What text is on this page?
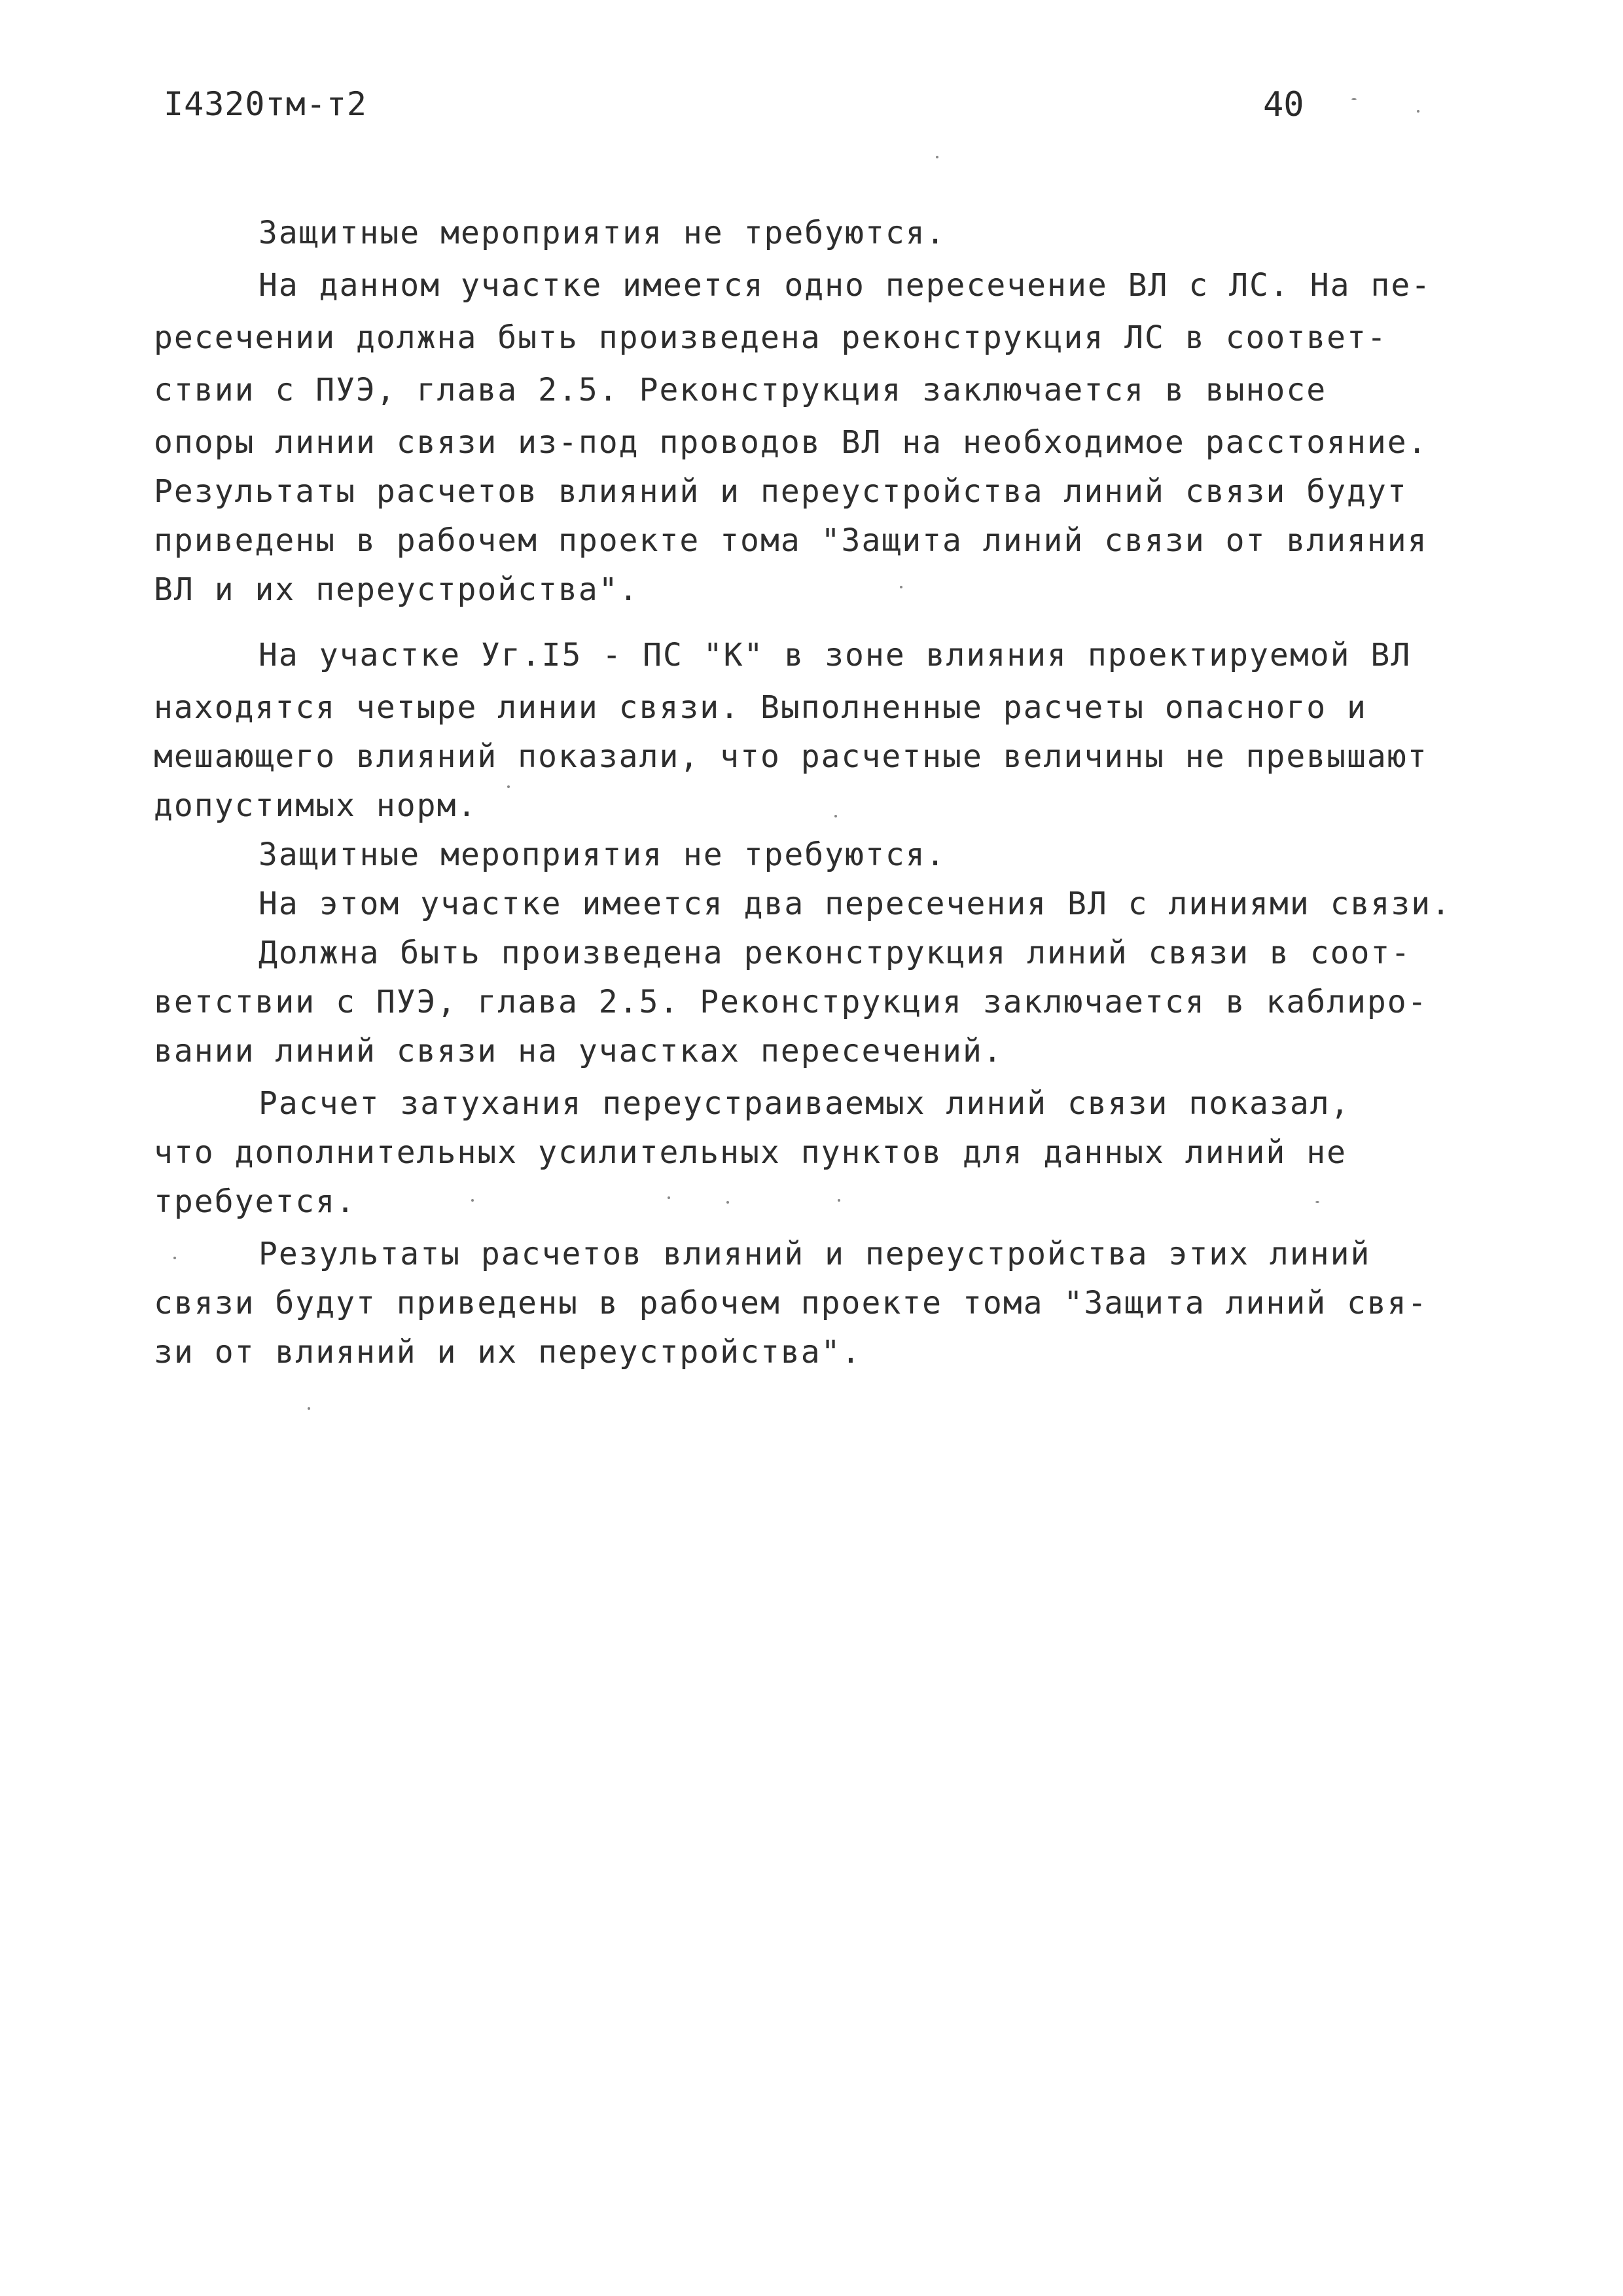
I4320тм-т2	40
Защитные мероприятия не требуются.
На данном участке имеется одно пересечение ВЛ с ЛС. На пе-
ресечении должна быть произведена реконструкция ЛС в соответ-
ствии с ПУЭ, глава 2.5. Реконструкция заключается в выносе
опоры линии связи из-под проводов ВЛ на необходимое расстояние.
Результаты расчетов влияний и переустройства линий связи будут
приведены в рабочем проекте тома "Защита линий связи от влияния
ВЛ и их переустройства".
На участке Уг.I5 - ПС "К" в зоне влияния проектируемой ВЛ
находятся четыре линии связи. Выполненные расчеты опасного и
мешающего влияний показали, что расчетные величины не превышают
допустимых норм.
Защитные мероприятия не требуются.
На этом участке имеется два пересечения ВЛ с линиями связи.
Должна быть произведена реконструкция линий связи в соот-
ветствии с ПУЭ, глава 2.5. Реконструкция заключается в каблиро-
вании линий связи на участках пересечений.
Расчет затухания переустраиваемых линий связи показал,
что дополнительных усилительных пунктов для данных линий не
требуется.
Результаты расчетов влияний и переустройства этих линий
связи будут приведены в рабочем проекте тома "Защита линий свя-
зи от влияний и их переустройства".
